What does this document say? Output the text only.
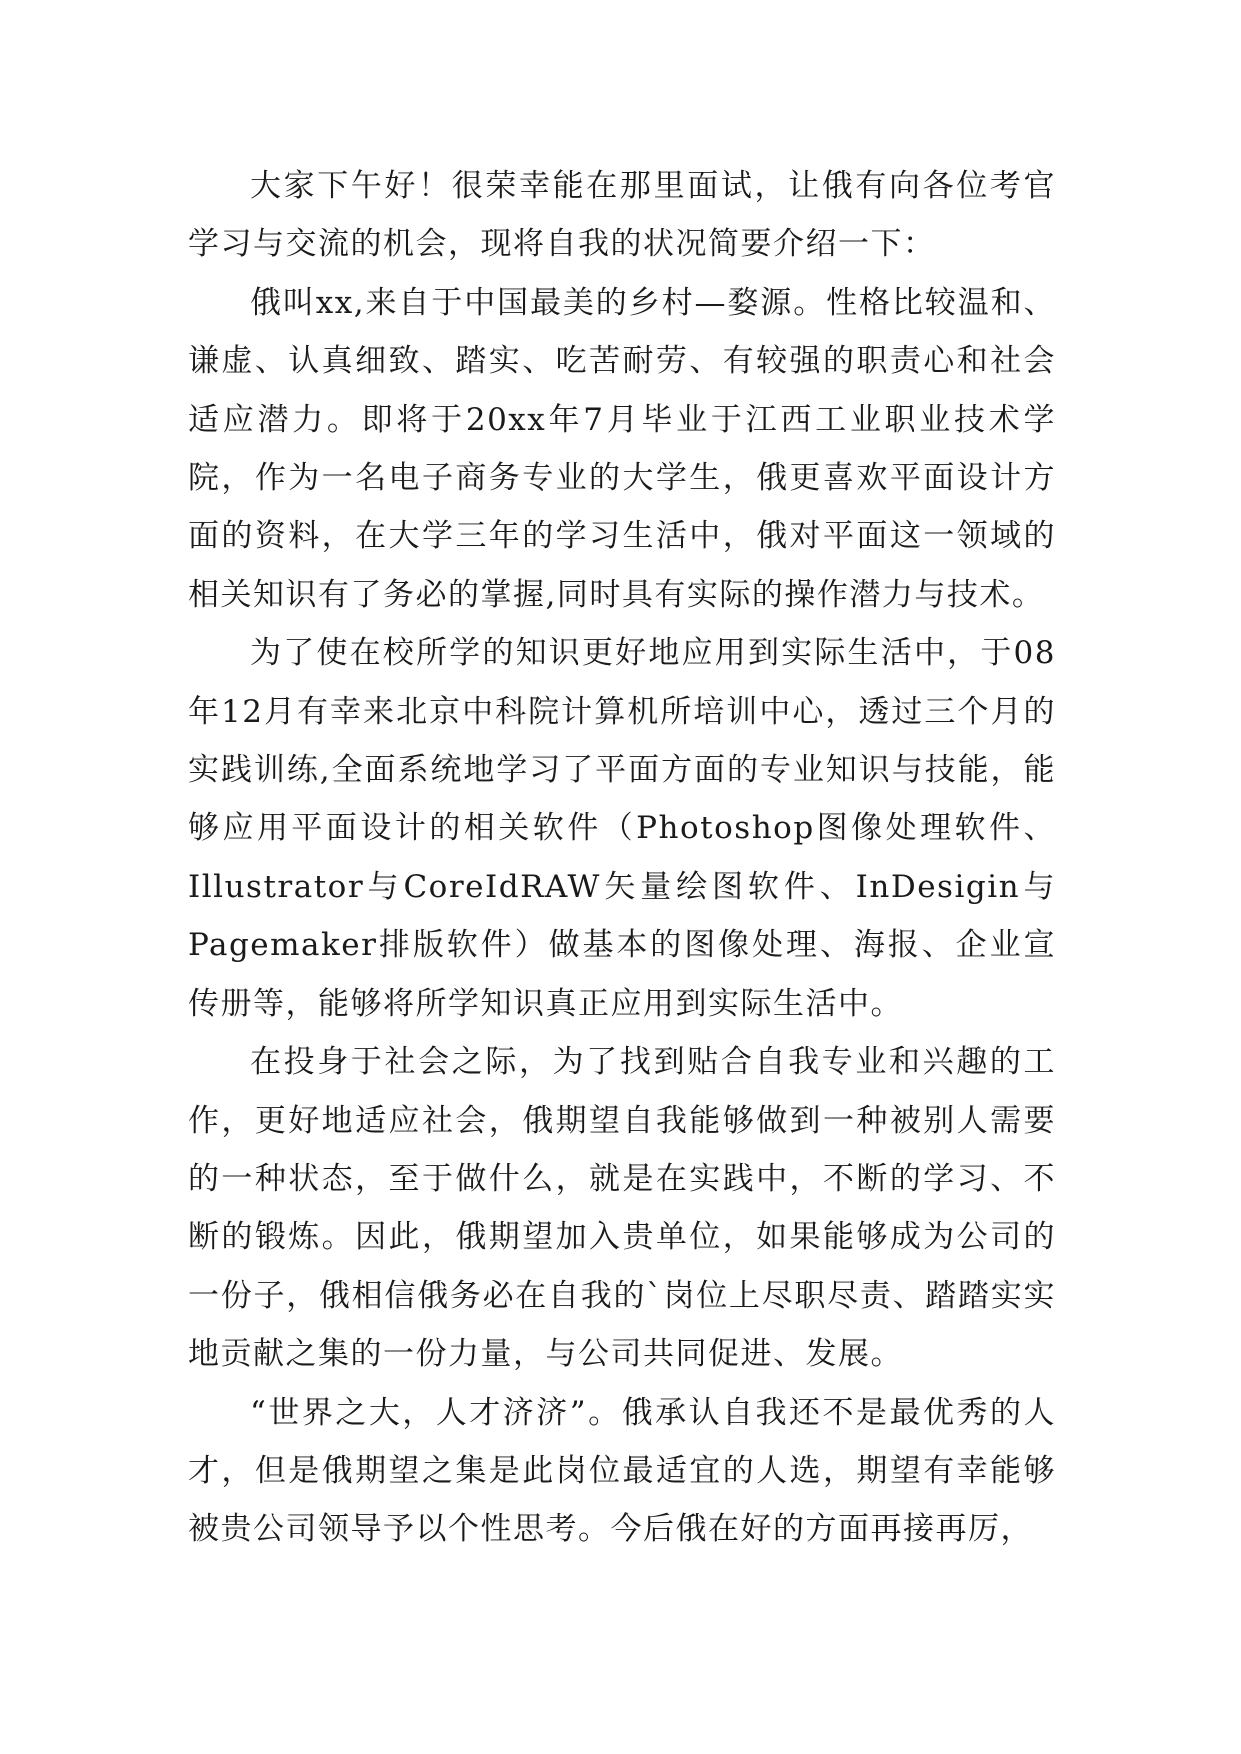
大家下午好！很荣幸能在那里面试，让俄有向各位考官学习与交流的机会，现将自我的状况简要介绍一下：

俄叫xx,来自于中国最美的乡村—婺源。性格比较温和、谦虚、认真细致、踏实、吃苦耐劳、有较强的职责心和社会适应潜力。即将于20xx年7月毕业于江西工业职业技术学院，作为一名电子商务专业的大学生，俄更喜欢平面设计方面的资料，在大学三年的学习生活中，俄对平面这一领域的相关知识有了务必的掌握,同时具有实际的操作潜力与技术。

为了使在校所学的知识更好地应用到实际生活中，于08年12月有幸来北京中科院计算机所培训中心，透过三个月的实践训练,全面系统地学习了平面方面的专业知识与技能，能够应用平面设计的相关软件（Photoshop图像处理软件、Illustrator与CoreIdRAW矢量绘图软件、InDesigin与Pagemaker排版软件）做基本的图像处理、海报、企业宣传册等，能够将所学知识真正应用到实际生活中。

在投身于社会之际，为了找到贴合自我专业和兴趣的工作，更好地适应社会，俄期望自我能够做到一种被别人需要的一种状态，至于做什么，就是在实践中，不断的学习、不断的锻炼。因此，俄期望加入贵单位，如果能够成为公司的一份子，俄相信俄务必在自我的`岗位上尽职尽责、踏踏实实地贡献之集的一份力量，与公司共同促进、发展。

“世界之大，人才济济”。俄承认自我还不是最优秀的人才，但是俄期望之集是此岗位最适宜的人选，期望有幸能够被贵公司领导予以个性思考。今后俄在好的方面再接再厉，
